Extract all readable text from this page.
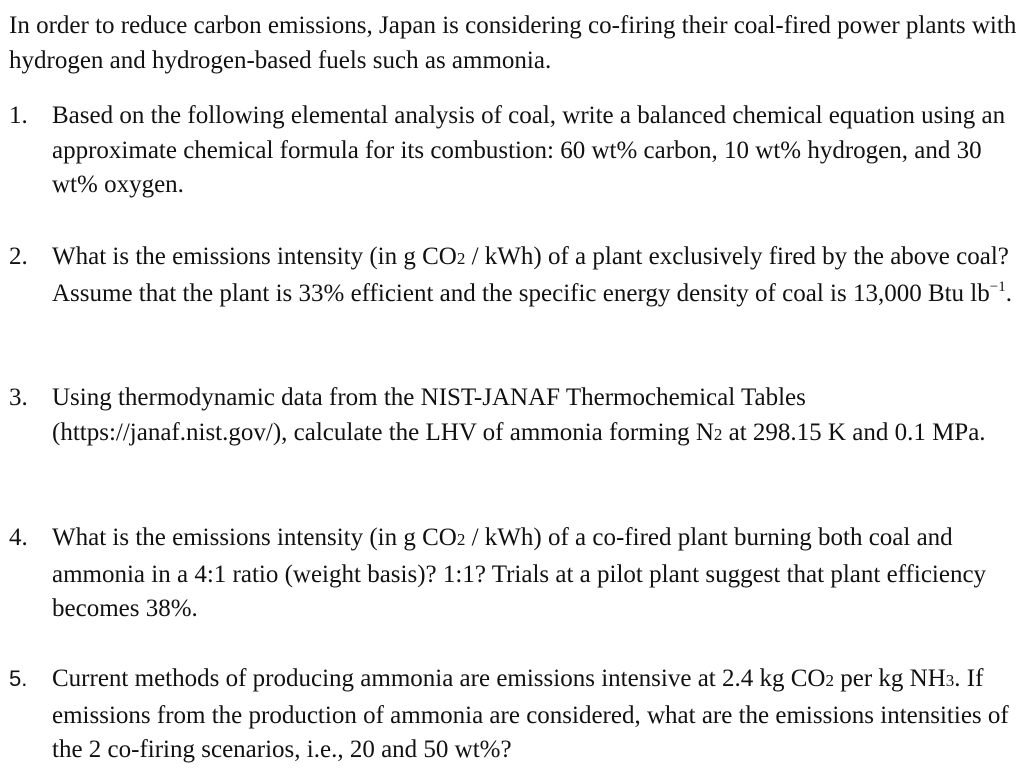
In order to reduce carbon emissions, Japan is considering co-firing their coal-fired power plants with hydrogen and hydrogen-based fuels such as ammonia.
1. Based on the following elemental analysis of coal, write a balanced chemical equation using an approximate chemical formula for its combustion: 60 wt% carbon, 10 wt% hydrogen, and 30 wt% oxygen.
2. What is the emissions intensity (in g CO2 / kWh) of a plant exclusively fired by the above coal? Assume that the plant is 33% efficient and the specific energy density of coal is 13,000 Btu $lb^{-1}$.
3. Using thermodynamic data from the NIST-JANAF Thermochemical Tables (https://janaf.nist.gov/), calculate the LHV of ammonia forming N2 at 298.15 K and 0.1 MPa.
4. What is the emissions intensity (in g CO2 / kWh) of a co-fired plant burning both coal and ammonia in a 4:1 ratio (weight basis)? 1:1? Trials at a pilot plant suggest that plant efficiency becomes 38%.
5. Current methods of producing ammonia are emissions intensive at 2.4 kg CO2 per kg NH3. If emissions from the production of ammonia are considered, what are the emissions intensities of the 2 co-firing scenarios, i.e., 20 and 50 wt%?
